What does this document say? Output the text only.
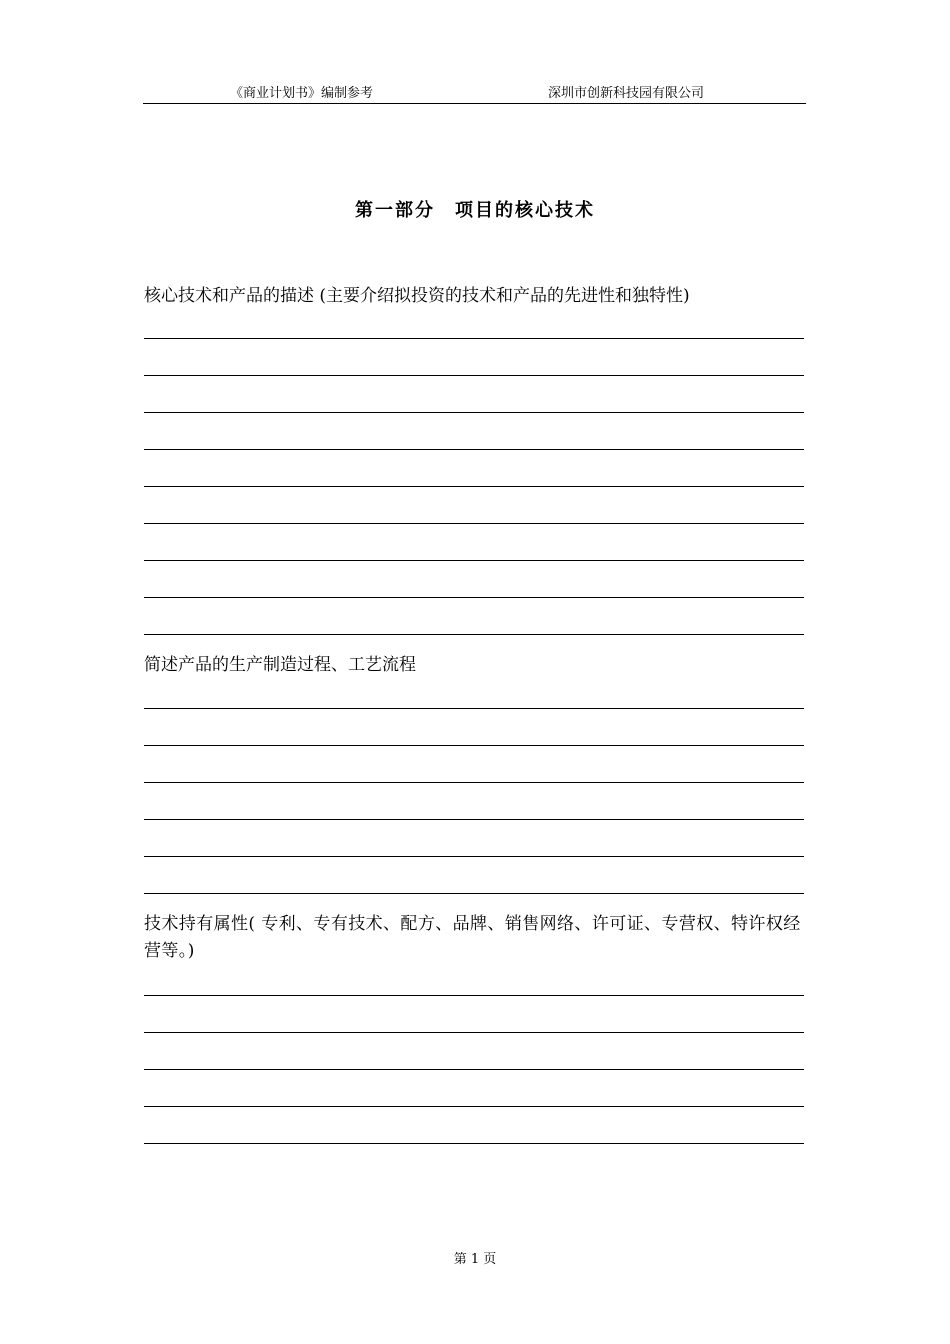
《商业计划书》编制参考	深圳市创新科技园有限公司
第一部分　项目的核心技术
核心技术和产品的描述 (主要介绍拟投资的技术和产品的先进性和独特性)
简述产品的生产制造过程、工艺流程
技术持有属性( 专利、专有技术、配方、品牌、销售网络、许可证、专营权、特许权经营等。)
第 1 页
